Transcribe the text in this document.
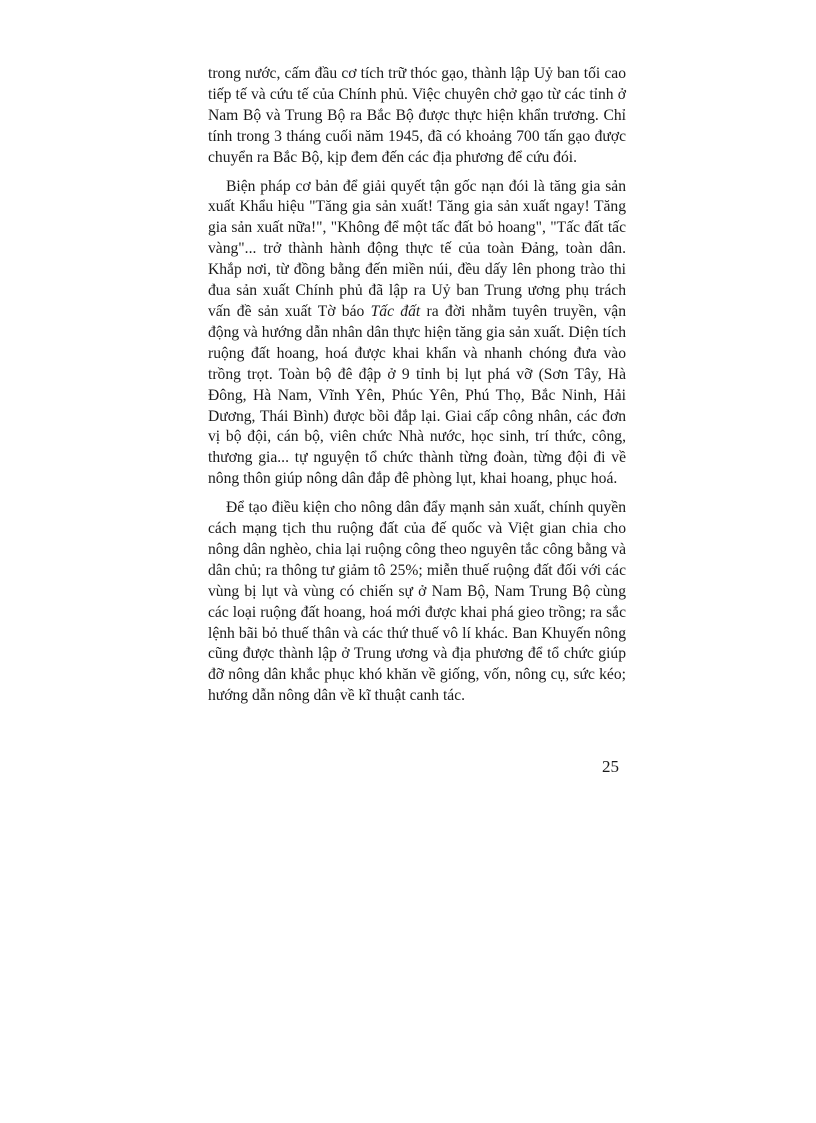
trong nước, cấm đầu cơ tích trữ thóc gạo, thành lập Uỷ ban tối cao tiếp tế và cứu tế của Chính phủ. Việc chuyên chở gạo từ các tỉnh ở Nam Bộ và Trung Bộ ra Bắc Bộ được thực hiện khẩn trương. Chỉ tính trong 3 tháng cuối năm 1945, đã có khoảng 700 tấn gạo được chuyển ra Bắc Bộ, kịp đem đến các địa phương để cứu đói.

Biện pháp cơ bản để giải quyết tận gốc nạn đói là tăng gia sản xuất Khẩu hiệu "Tăng gia sản xuất! Tăng gia sản xuất ngay! Tăng gia sản xuất nữa!", "Không để một tấc đất bỏ hoang", "Tấc đất tấc vàng"... trở thành hành động thực tế của toàn Đảng, toàn dân. Khắp nơi, từ đồng bằng đến miền núi, đều dấy lên phong trào thi đua sản xuất Chính phủ đã lập ra Uỷ ban Trung ương phụ trách vấn đề sản xuất Tờ báo Tấc đất ra đời nhằm tuyên truyền, vận động và hướng dẫn nhân dân thực hiện tăng gia sản xuất. Diện tích ruộng đất hoang, hoá được khai khẩn và nhanh chóng đưa vào trồng trọt. Toàn bộ đê đập ở 9 tỉnh bị lụt phá vỡ (Sơn Tây, Hà Đông, Hà Nam, Vĩnh Yên, Phúc Yên, Phú Thọ, Bắc Ninh, Hải Dương, Thái Bình) được bồi đắp lại. Giai cấp công nhân, các đơn vị bộ đội, cán bộ, viên chức Nhà nước, học sinh, trí thức, công, thương gia... tự nguyện tổ chức thành từng đoàn, từng đội đi về nông thôn giúp nông dân đắp đê phòng lụt, khai hoang, phục hoá.

Để tạo điều kiện cho nông dân đẩy mạnh sản xuất, chính quyền cách mạng tịch thu ruộng đất của đế quốc và Việt gian chia cho nông dân nghèo, chia lại ruộng công theo nguyên tắc công bằng và dân chủ; ra thông tư giảm tô 25%; miễn thuế ruộng đất đối với các vùng bị lụt và vùng có chiến sự ở Nam Bộ, Nam Trung Bộ cùng các loại ruộng đất hoang, hoá mới được khai phá gieo trồng; ra sắc lệnh bãi bỏ thuế thân và các thứ thuế vô lí khác. Ban Khuyến nông cũng được thành lập ở Trung ương và địa phương để tổ chức giúp đỡ nông dân khắc phục khó khăn về giống, vốn, nông cụ, sức kéo; hướng dẫn nông dân về kĩ thuật canh tác.

25
